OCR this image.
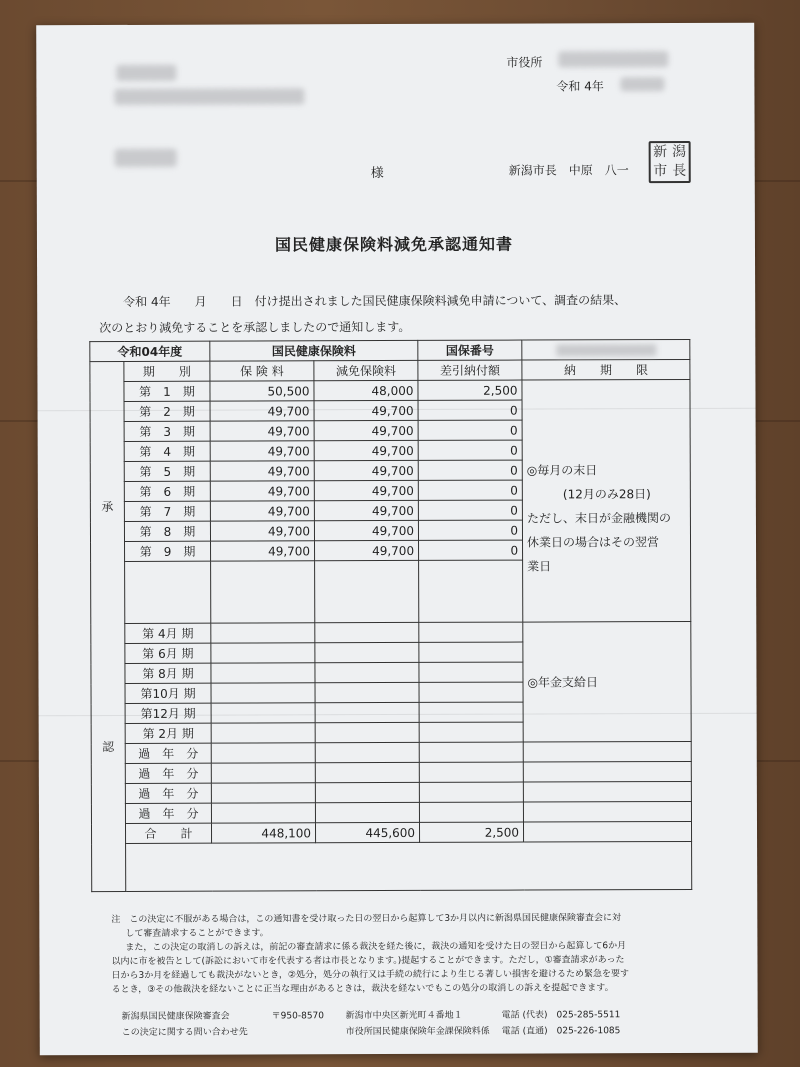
市役所
令和 4年
様	新潟市長　中原　八一
新 潟
市 長
国民健康保険料減免承認通知書
令和 4年　　月　　日　付け提出されました国民健康保険料減免申請について、調査の結果、
次のとおり減免することを承認しましたので通知します。
令和04年度		国民健康保険料		国保番号	

承
認	期　　別	保 険 料	減免保険料	差引納付額	納　　期　　限
	第　1　期	50,500	48,000	2,500	◎毎月の末日
(12月のみ28日)
ただし、末日が金融機関の
休業日の場合はその翌営
業日

	第　2　期	49,700	49,700	0	
	第　3　期	49,700	49,700	0	
	第　4　期	49,700	49,700	0	
	第　5　期	49,700	49,700	0	
	第　6　期	49,700	49,700	0	
	第　7　期	49,700	49,700	0	
	第　8　期	49,700	49,700	0	
	第　9　期	49,700	49,700	0	

	第 4月 期				◎年金支給日
	第 6月 期				
	第 8月 期				
	第10月 期				
	第12月 期				
	第 2月 期				
	過　年　分				
	過　年　分				
	過　年　分				
	過　年　分				
	合　　計	448,100	445,600	2,500	

注　この決定に不服がある場合は，この通知書を受け取った日の翌日から起算して3か月以内に新潟県国民健康保険審査会に対
して審査請求することができます。
また，この決定の取消しの訴えは，前記の審査請求に係る裁決を経た後に，裁決の通知を受けた日の翌日から起算して6か月
以内に市を被告として(訴訟において市を代表する者は市長となります。)提起することができます。ただし，①審査請求があった
日から3か月を経過しても裁決がないとき，②処分，処分の執行又は手続の続行により生じる著しい損害を避けるため緊急を要す
るとき，③その他裁決を経ないことに正当な理由があるときは，裁決を経ないでもこの処分の取消しの訴えを提起できます。
新潟県国民健康保険審査会	〒950-8570 新潟市中央区新光町４番地１	電話 (代表)　025-285-5511
この決定に関する問い合わせ先	市役所国民健康保険年金課保険料係 電話 (直通)　025-226-1085
